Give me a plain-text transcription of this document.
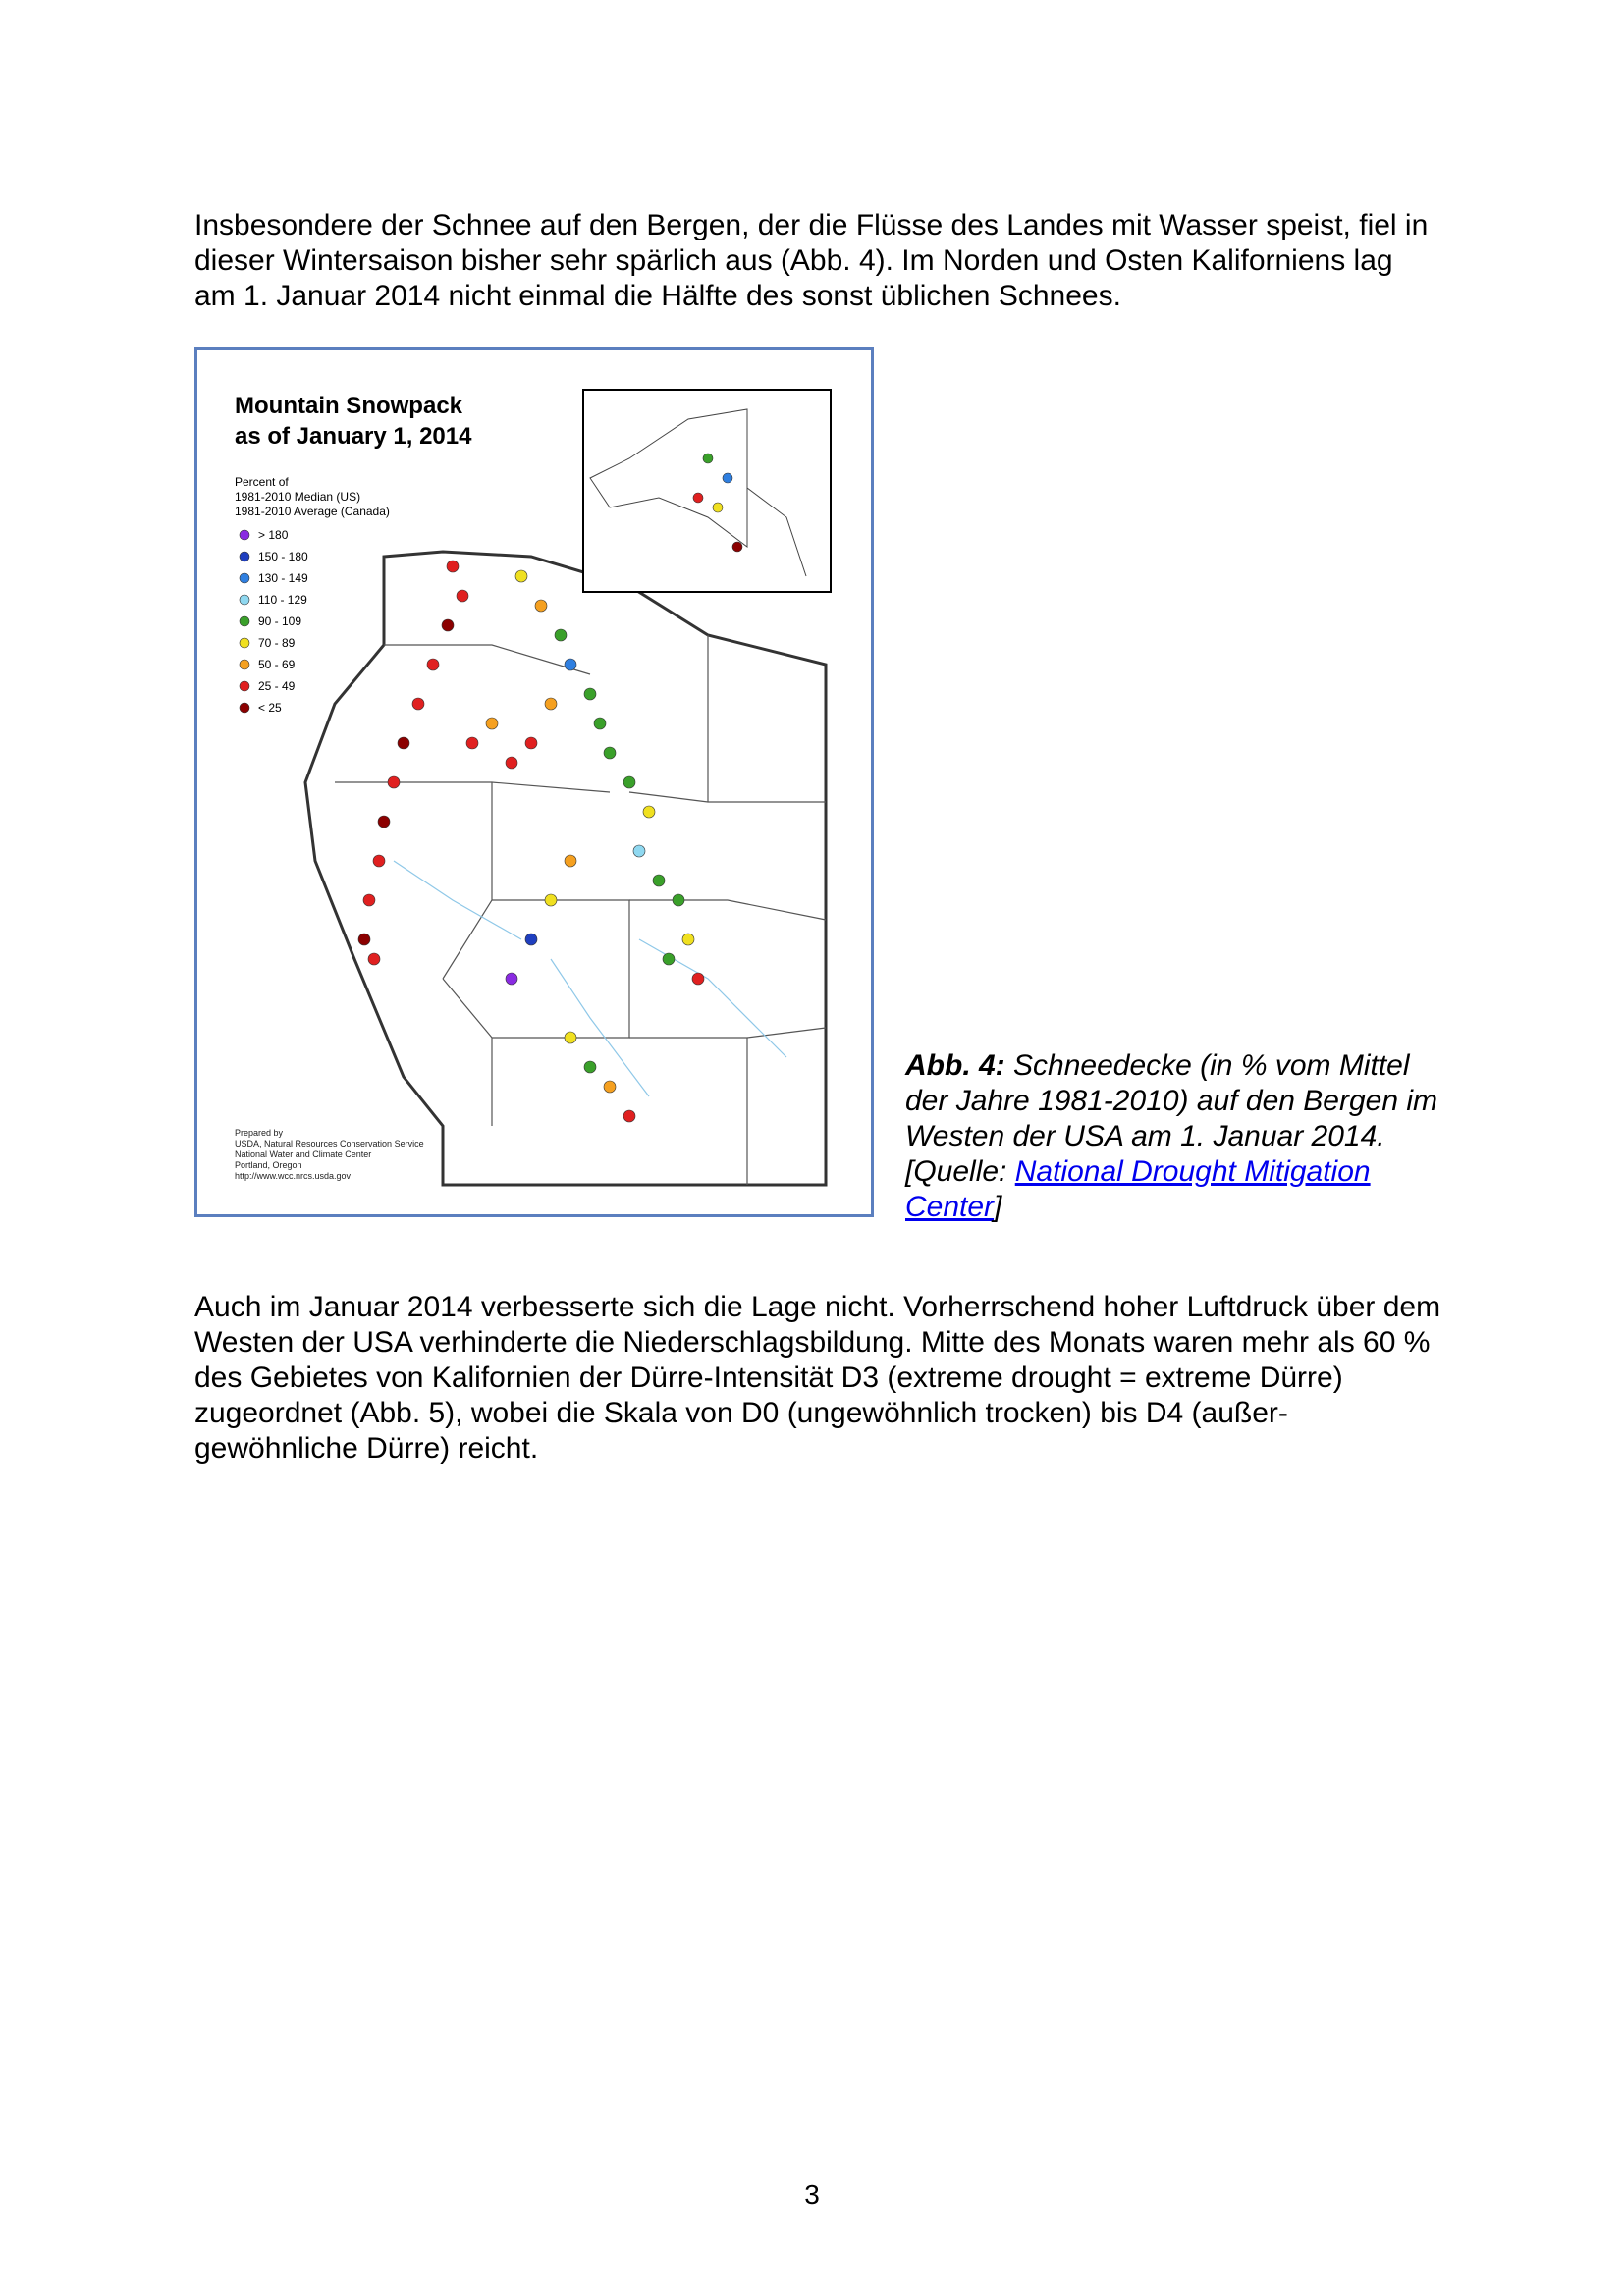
Insbesondere der Schnee auf den Bergen, der die Flüsse des Landes mit Wasser speist, fiel in dieser Wintersaison bisher sehr spärlich aus (Abb. 4). Im Norden und Osten Kaliforniens lag am 1. Januar 2014 nicht einmal die Hälfte des sonst üblichen Schnees.

Mountain Snowpack
as of January 1, 2014
Percent of
1981-2010 Median (US)
1981-2010 Average (Canada)
> 180
150 - 180
130 - 149
110 - 129
90 - 109
70 - 89
50 - 69
25 - 49
< 25
Prepared by
USDA, Natural Resources Conservation Service
National Water and Climate Center
Portland, Oregon
http://www.wcc.nrcs.usda.gov

Abb. 4: Schneedecke (in % vom Mittel der Jahre 1981-2010) auf den Bergen im Westen der USA am 1. Januar 2014. [Quelle: National Drought Mitigation Center]

Auch im Januar 2014 verbesserte sich die Lage nicht. Vorherrschend hoher Luftdruck über dem Westen der USA verhinderte die Niederschlagsbildung. Mitte des Monats waren mehr als 60 % des Gebietes von Kalifornien der Dürre-Intensität D3 (extreme drought = extreme Dürre) zugeordnet (Abb. 5), wobei die Skala von D0 (ungewöhnlich trocken) bis D4 (außer-gewöhnliche Dürre) reicht.

3
